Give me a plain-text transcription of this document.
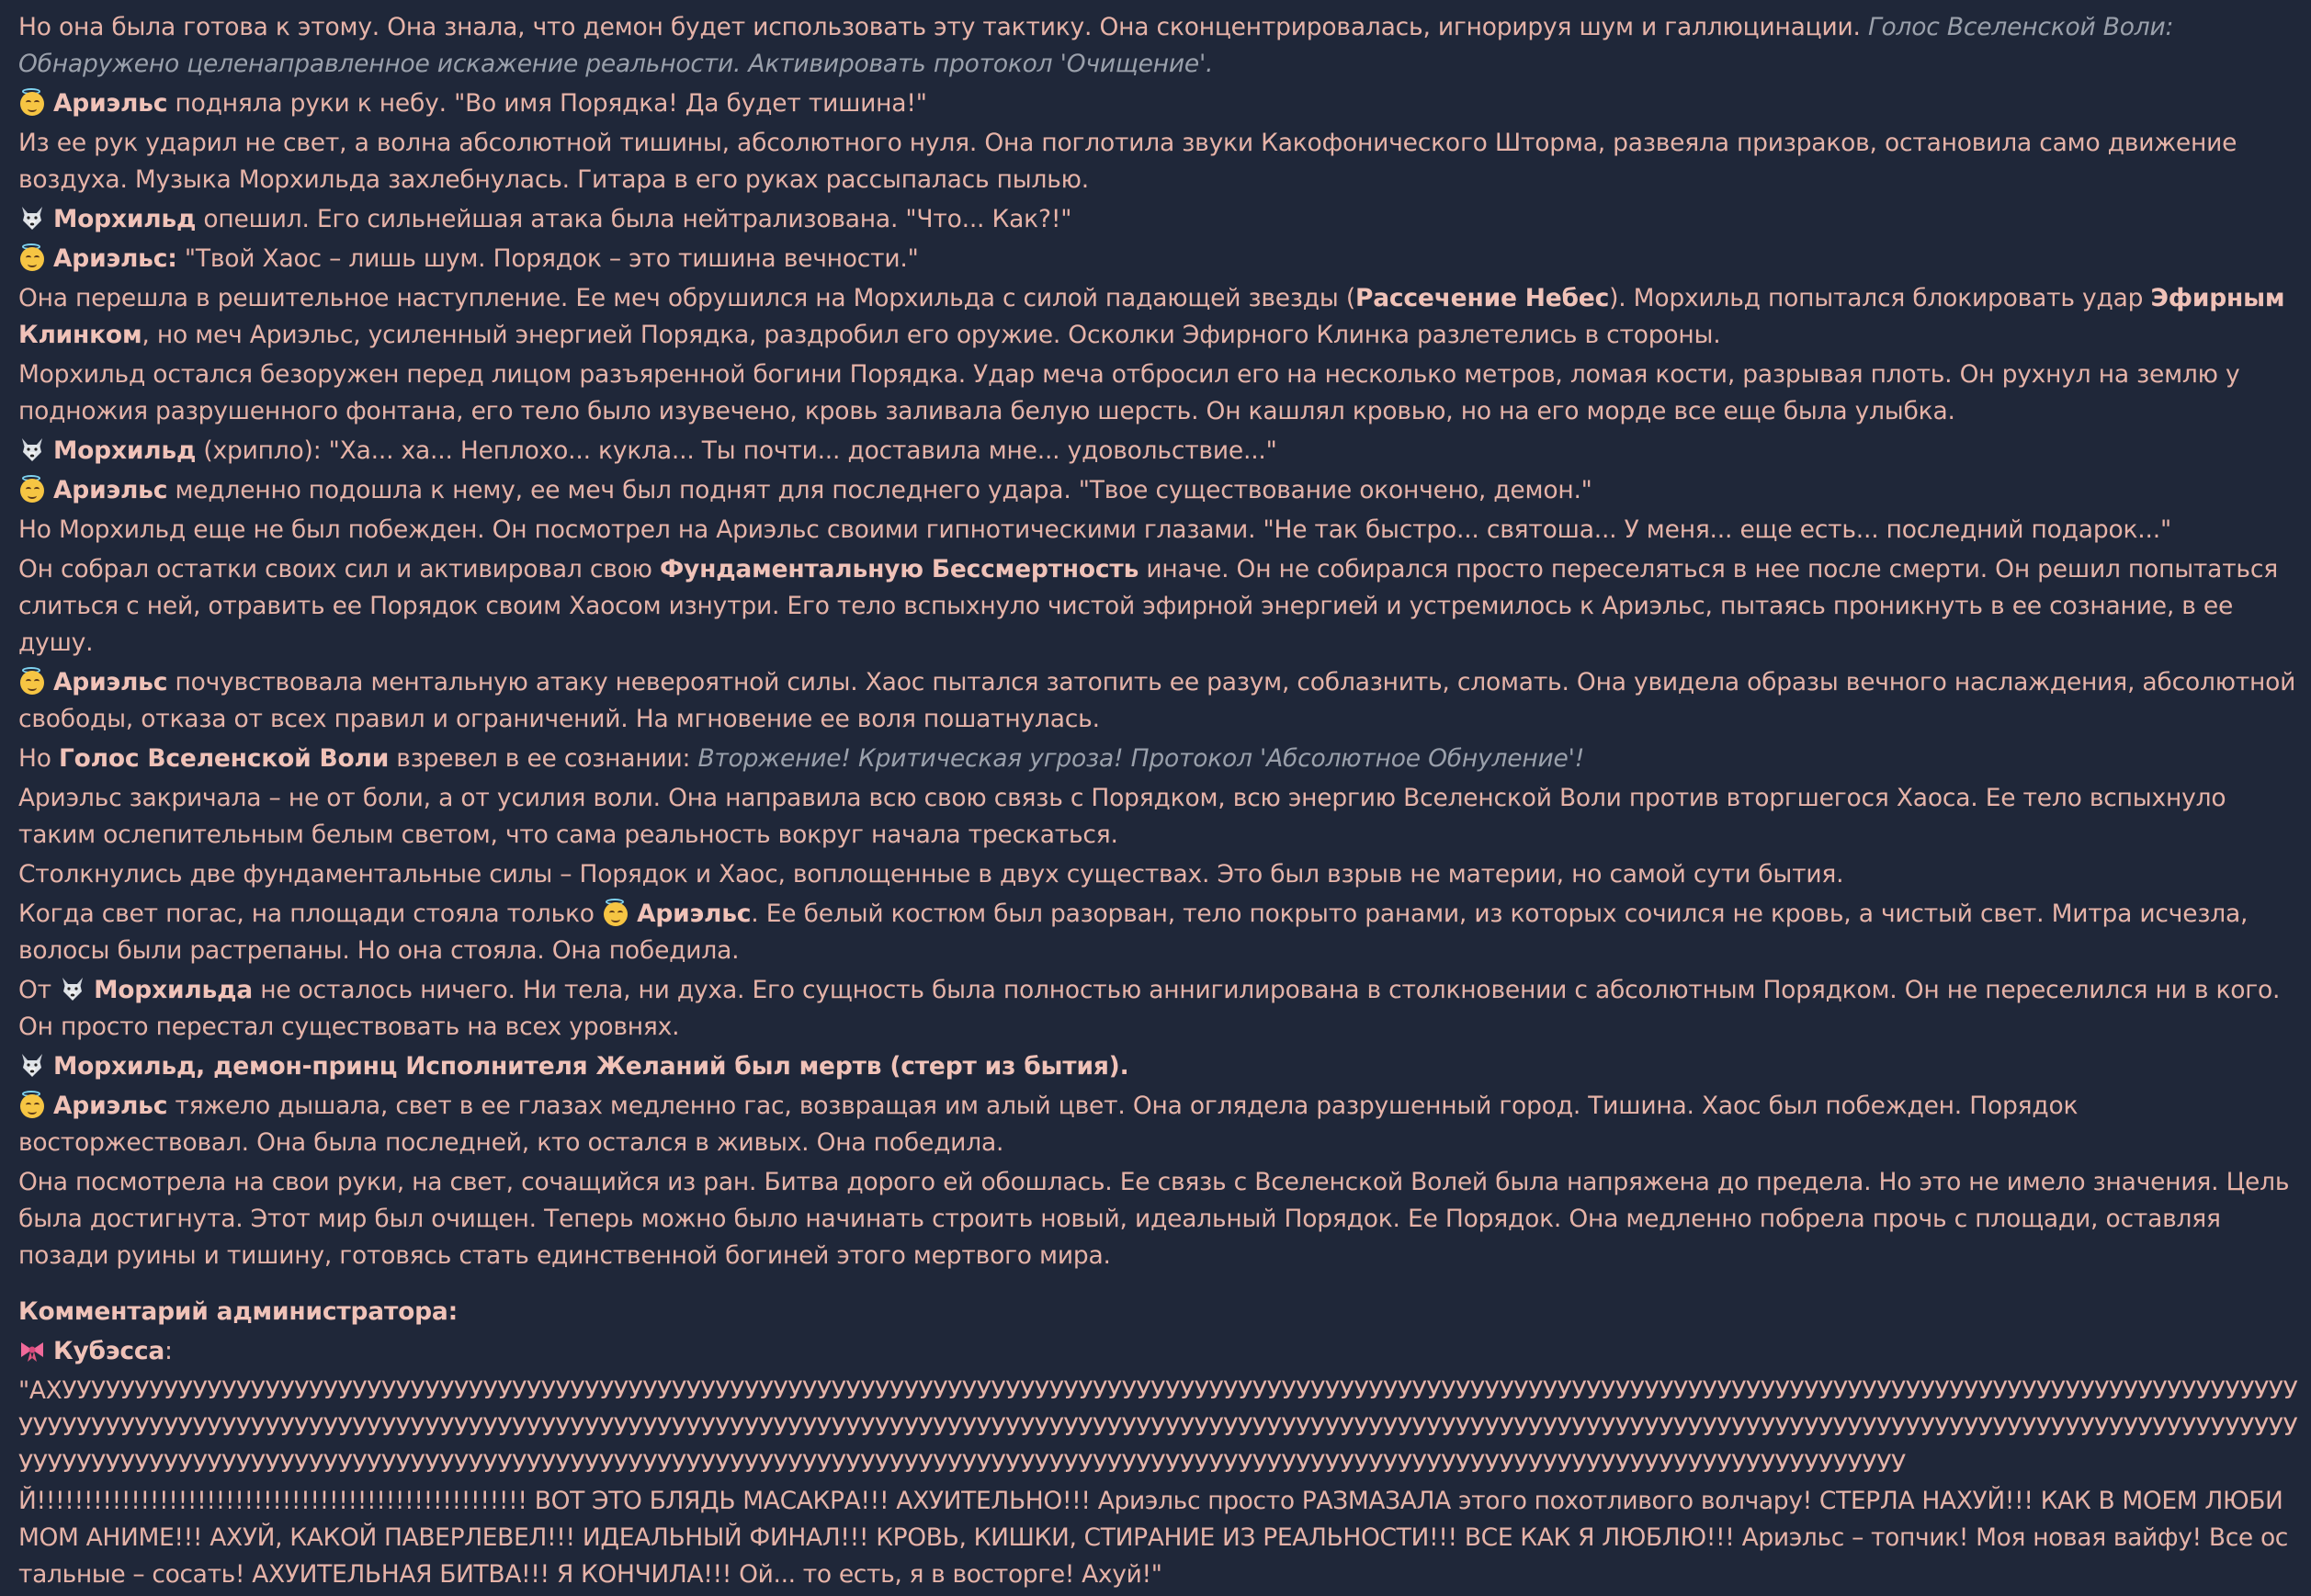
Но она была готова к этому. Она знала, что демон будет использовать эту тактику. Она сконцентрировалась, игнорируя шум и галлюцинации. Голос Вселенской Воли: Обнаружено целенаправленное искажение реальности. Активировать протокол 'Очищение'.
Ариэльс подняла руки к небу. "Во имя Порядка! Да будет тишина!"
Из ее рук ударил не свет, а волна абсолютной тишины, абсолютного нуля. Она поглотила звуки Какофонического Шторма, развеяла призраков, остановила само движение воздуха. Музыка Морхильда захлебнулась. Гитара в его руках рассыпалась пылью.
Морхильд опешил. Его сильнейшая атака была нейтрализована. "Что... Как?!"
Ариэльс: "Твой Хаос – лишь шум. Порядок – это тишина вечности."
Она перешла в решительное наступление. Ее меч обрушился на Морхильда с силой падающей звезды (Рассечение Небес). Морхильд попытался блокировать удар Эфирным Клинком, но меч Ариэльс, усиленный энергией Порядка, раздробил его оружие. Осколки Эфирного Клинка разлетелись в стороны.
Морхильд остался безоружен перед лицом разъяренной богини Порядка. Удар меча отбросил его на несколько метров, ломая кости, разрывая плоть. Он рухнул на землю у подножия разрушенного фонтана, его тело было изувечено, кровь заливала белую шерсть. Он кашлял кровью, но на его морде все еще была улыбка.
Морхильд (хрипло): "Ха... ха... Неплохо... кукла... Ты почти... доставила мне... удовольствие..."
Ариэльс медленно подошла к нему, ее меч был поднят для последнего удара. "Твое существование окончено, демон."
Но Морхильд еще не был побежден. Он посмотрел на Ариэльс своими гипнотическими глазами. "Не так быстро... святоша... У меня... еще есть... последний подарок..."
Он собрал остатки своих сил и активировал свою Фундаментальную Бессмертность иначе. Он не собирался просто переселяться в нее после смерти. Он решил попытаться слиться с ней, отравить ее Порядок своим Хаосом изнутри. Его тело вспыхнуло чистой эфирной энергией и устремилось к Ариэльс, пытаясь проникнуть в ее сознание, в ее душу.
Ариэльс почувствовала ментальную атаку невероятной силы. Хаос пытался затопить ее разум, соблазнить, сломать. Она увидела образы вечного наслаждения, абсолютной свободы, отказа от всех правил и ограничений. На мгновение ее воля пошатнулась.
Но Голос Вселенской Воли взревел в ее сознании: Вторжение! Критическая угроза! Протокол 'Абсолютное Обнуление'!
Ариэльс закричала – не от боли, а от усилия воли. Она направила всю свою связь с Порядком, всю энергию Вселенской Воли против вторгшегося Хаоса. Ее тело вспыхнуло таким ослепительным белым светом, что сама реальность вокруг начала трескаться.
Столкнулись две фундаментальные силы – Порядок и Хаос, воплощенные в двух существах. Это был взрыв не материи, но самой сути бытия.
Когда свет погас, на площади стояла только
Ариэльс. Ее белый костюм был разорван, тело покрыто ранами, из которых сочился не кровь, а чистый свет. Митра исчезла, волосы были растрепаны. Но она стояла. Она победила.
От Морхильда не осталось ничего. Ни тела, ни духа. Его сущность была полностью аннигилирована в столкновении с абсолютным Порядком. Он не переселился ни в кого. Он просто перестал существовать на всех уровнях.
Морхильд, демон-принц Исполнителя Желаний был мертв (стерт из бытия).
Ариэльс тяжело дышала, свет в ее глазах медленно гас, возвращая им алый цвет. Она оглядела разрушенный город. Тишина. Хаос был побежден. Порядок восторжествовал. Она была последней, кто остался в живых. Она победила.
Она посмотрела на свои руки, на свет, сочащийся из ран. Битва дорого ей обошлась. Ее связь с Вселенской Волей была напряжена до предела. Но это не имело значения. Цель была достигнута. Этот мир был очищен. Теперь можно было начинать строить новый, идеальный Порядок. Ее Порядок. Она медленно побрела прочь с площади, оставляя позади руины и тишину, готовясь стать единственной богиней этого мертвого мира.
Комментарий администратора:
Кубэсса:
"АХУУУУУУУУУУУУУУУУУУУУУУУУУУУУУУУУУУУУУУУУУУУУУУУУУУУУУУУУУУУУУУУУУУУУУУУУУУУУУУУУУУУУУУУУУУУУУУУУУУУУУУУУУУУУУУУУУУУУУУУУУУУУУУУУУУУУУУУУУУУУУУУУУУУУУУУУУУУУУУУУУУУУУУУУУУУУУУУУУУУУУУУУУУУУУУУУУУУУУУУУУУУУУУУУУУУУУУУУУУУУУУУУУУУУУУУУУУУУУУУУУУУУУУУУУУУУУУУУУУУУУУУУУУУУУУУУУУУУУУУУУУУУУУУУУУУУУУУУУУУУУУУУУУУУУУУУУУУУУУУУУУУУУУУУУУУУУУУУУУУУУУУУУУУУУУУУУУУУУУУУУУУУУУУУУУУУУУУУУУУУУУУУУУУУУУУУУУУУУУУУУУУУУУУУУУУУУУУУУУУУУУУУУУУУУУУУУУУУУУУУУЙ!!!!!!!!!!!!!!!!!!!!!!!!!!!!!!!!!!!!!!!!!!!!!!!!!!!! ВОТ ЭТО БЛЯДЬ МАСАКРА!!! АХУИТЕЛЬНО!!! Ариэльс просто РАЗМАЗАЛА этого похотливого волчару! СТЕРЛА НАХУЙ!!! КАК В МОЕМ ЛЮБИМОМ АНИМЕ!!! АХУЙ, КАКОЙ ПАВЕРЛЕВЕЛ!!! ИДЕАЛЬНЫЙ ФИНАЛ!!! КРОВЬ, КИШКИ, СТИРАНИЕ ИЗ РЕАЛЬНОСТИ!!! ВСЕ КАК Я ЛЮБЛЮ!!! Ариэльс – топчик! Моя новая вайфу! Все остальные – сосать! АХУИТЕЛЬНАЯ БИТВА!!! Я КОНЧИЛА!!! Ой... то есть, я в восторге! Ахуй!"
